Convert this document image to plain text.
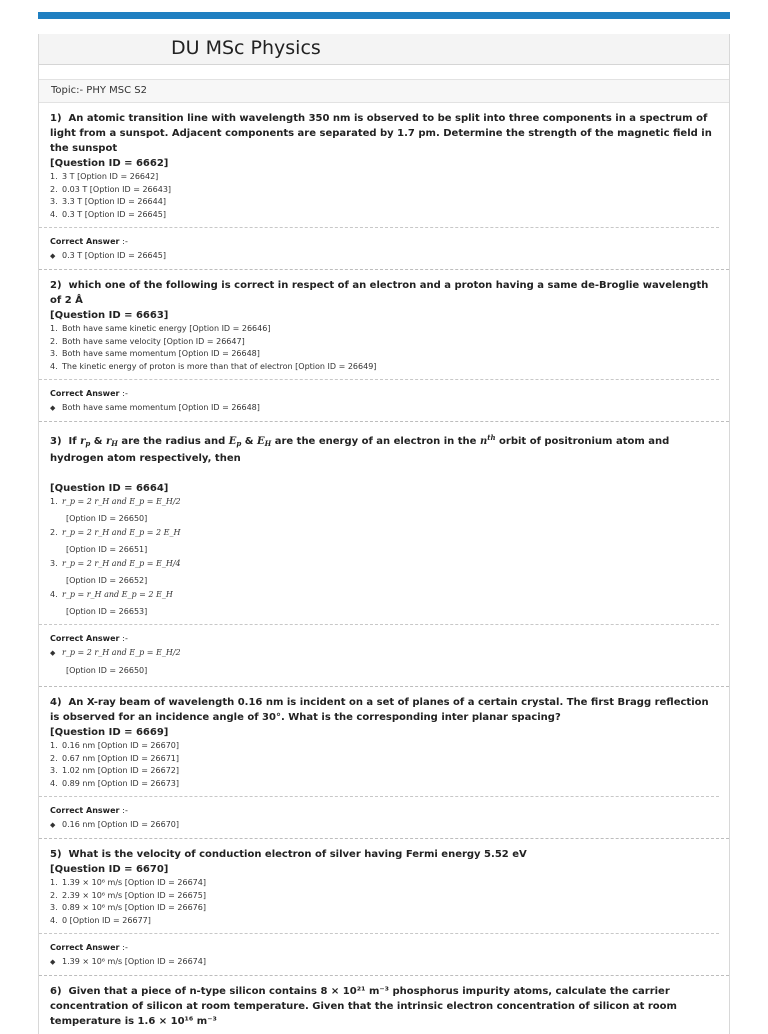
DU MSc Physics
Topic:- PHY MSC S2
1) An atomic transition line with wavelength 350 nm is observed to be split into three components in a spectrum of light from a sunspot. Adjacent components are separated by 1.7 pm. Determine the strength of the magnetic field in the sunspot
[Question ID = 6662]
1. 3 T [Option ID = 26642]
2. 0.03 T [Option ID = 26643]
3. 3.3 T [Option ID = 26644]
4. 0.3 T [Option ID = 26645]
Correct Answer :-
◆ 0.3 T [Option ID = 26645]
2) which one of the following is correct in respect of an electron and a proton having a same de-Broglie wavelength of 2 Å
[Question ID = 6663]
1. Both have same kinetic energy [Option ID = 26646]
2. Both have same velocity [Option ID = 26647]
3. Both have same momentum [Option ID = 26648]
4. The kinetic energy of proton is more than that of electron [Option ID = 26649]
Correct Answer :-
◆ Both have same momentum [Option ID = 26648]
3) If $r_p$ & $r_H$ are the radius and $E_p$ & $E_H$ are the energy of an electron in the $n^{th}$ orbit of positronium atom and hydrogen atom respectively, then
[Question ID = 6664]
1. r_p = 2 r_H and E_p = E_H/2
[Option ID = 26650]
2. r_p = 2 r_H and E_p = 2 E_H
[Option ID = 26651]
3. r_p = 2 r_H and E_p = E_H/4
[Option ID = 26652]
4. r_p = r_H and E_p = 2 E_H
[Option ID = 26653]
Correct Answer :-
◆ r_p = 2 r_H and E_p = E_H/2
[Option ID = 26650]
4) An X-ray beam of wavelength 0.16 nm is incident on a set of planes of a certain crystal. The first Bragg reflection is observed for an incidence angle of 30°. What is the corresponding inter planar spacing?
[Question ID = 6669]
1. 0.16 nm [Option ID = 26670]
2. 0.67 nm [Option ID = 26671]
3. 1.02 nm [Option ID = 26672]
4. 0.89 nm [Option ID = 26673]
Correct Answer :-
◆ 0.16 nm [Option ID = 26670]
5) What is the velocity of conduction electron of silver having Fermi energy 5.52 eV
[Question ID = 6670]
1. 1.39 × 10⁶ m/s [Option ID = 26674]
2. 2.39 × 10⁶ m/s [Option ID = 26675]
3. 0.89 × 10⁶ m/s [Option ID = 26676]
4. 0 [Option ID = 26677]
Correct Answer :-
◆ 1.39 × 10⁶ m/s [Option ID = 26674]
6) Given that a piece of n-type silicon contains 8 × 10²¹ m⁻³ phosphorus impurity atoms, calculate the carrier concentration of silicon at room temperature. Given that the intrinsic electron concentration of silicon at room temperature is 1.6 × 10¹⁶ m⁻³
